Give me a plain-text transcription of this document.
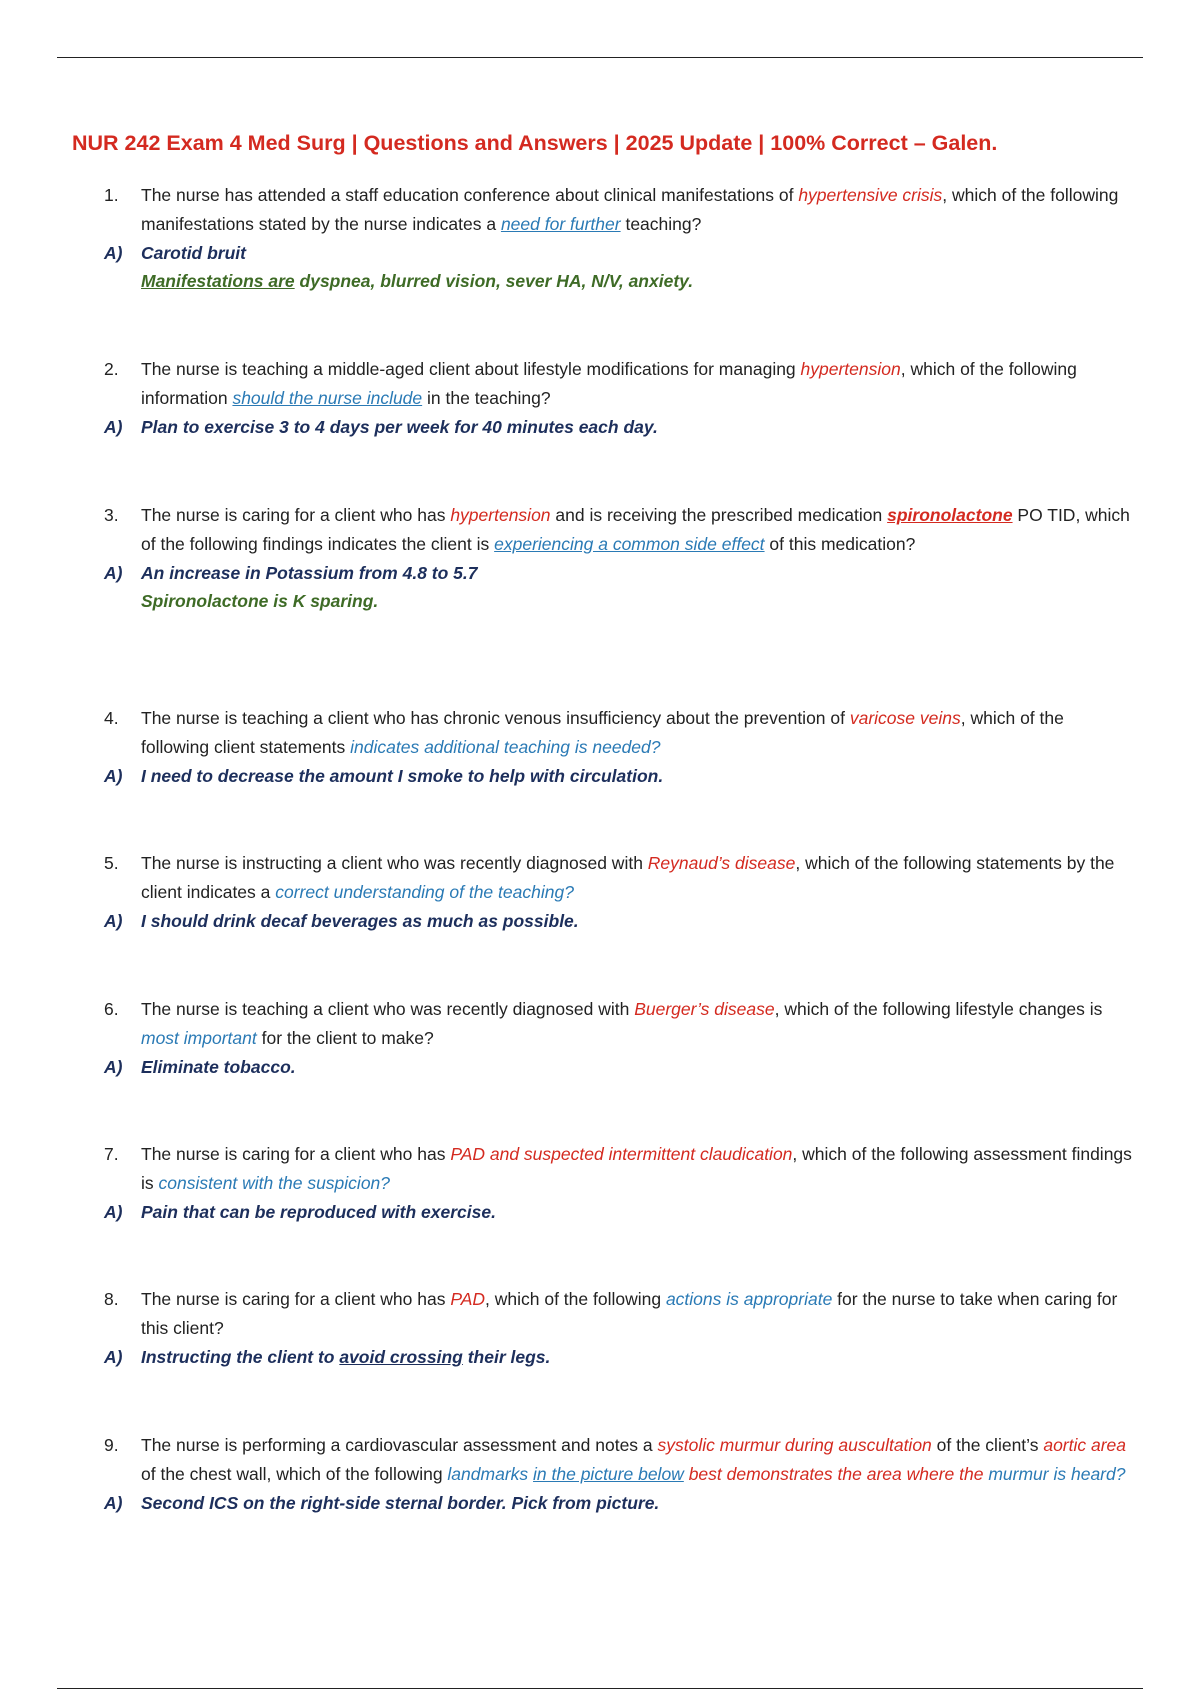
NUR 242 Exam 4 Med Surg | Questions and Answers | 2025 Update | 100% Correct – Galen.
1. The nurse has attended a staff education conference about clinical manifestations of hypertensive crisis, which of the following manifestations stated by the nurse indicates a need for further teaching?
A) Carotid bruit
Manifestations are dyspnea, blurred vision, sever HA, N/V, anxiety.
2. The nurse is teaching a middle-aged client about lifestyle modifications for managing hypertension, which of the following information should the nurse include in the teaching?
A) Plan to exercise 3 to 4 days per week for 40 minutes each day.
3. The nurse is caring for a client who has hypertension and is receiving the prescribed medication spironolactone PO TID, which of the following findings indicates the client is experiencing a common side effect of this medication?
A) An increase in Potassium from 4.8 to 5.7
Spironolactone is K sparing.
4. The nurse is teaching a client who has chronic venous insufficiency about the prevention of varicose veins, which of the following client statements indicates additional teaching is needed?
A) I need to decrease the amount I smoke to help with circulation.
5. The nurse is instructing a client who was recently diagnosed with Reynaud’s disease, which of the following statements by the client indicates a correct understanding of the teaching?
A) I should drink decaf beverages as much as possible.
6. The nurse is teaching a client who was recently diagnosed with Buerger’s disease, which of the following lifestyle changes is most important for the client to make?
A) Eliminate tobacco.
7. The nurse is caring for a client who has PAD and suspected intermittent claudication, which of the following assessment findings is consistent with the suspicion?
A) Pain that can be reproduced with exercise.
8. The nurse is caring for a client who has PAD, which of the following actions is appropriate for the nurse to take when caring for this client?
A) Instructing the client to avoid crossing their legs.
9. The nurse is performing a cardiovascular assessment and notes a systolic murmur during auscultation of the client’s aortic area of the chest wall, which of the following landmarks in the picture below best demonstrates the area where the murmur is heard?
A) Second ICS on the right-side sternal border. Pick from picture.
